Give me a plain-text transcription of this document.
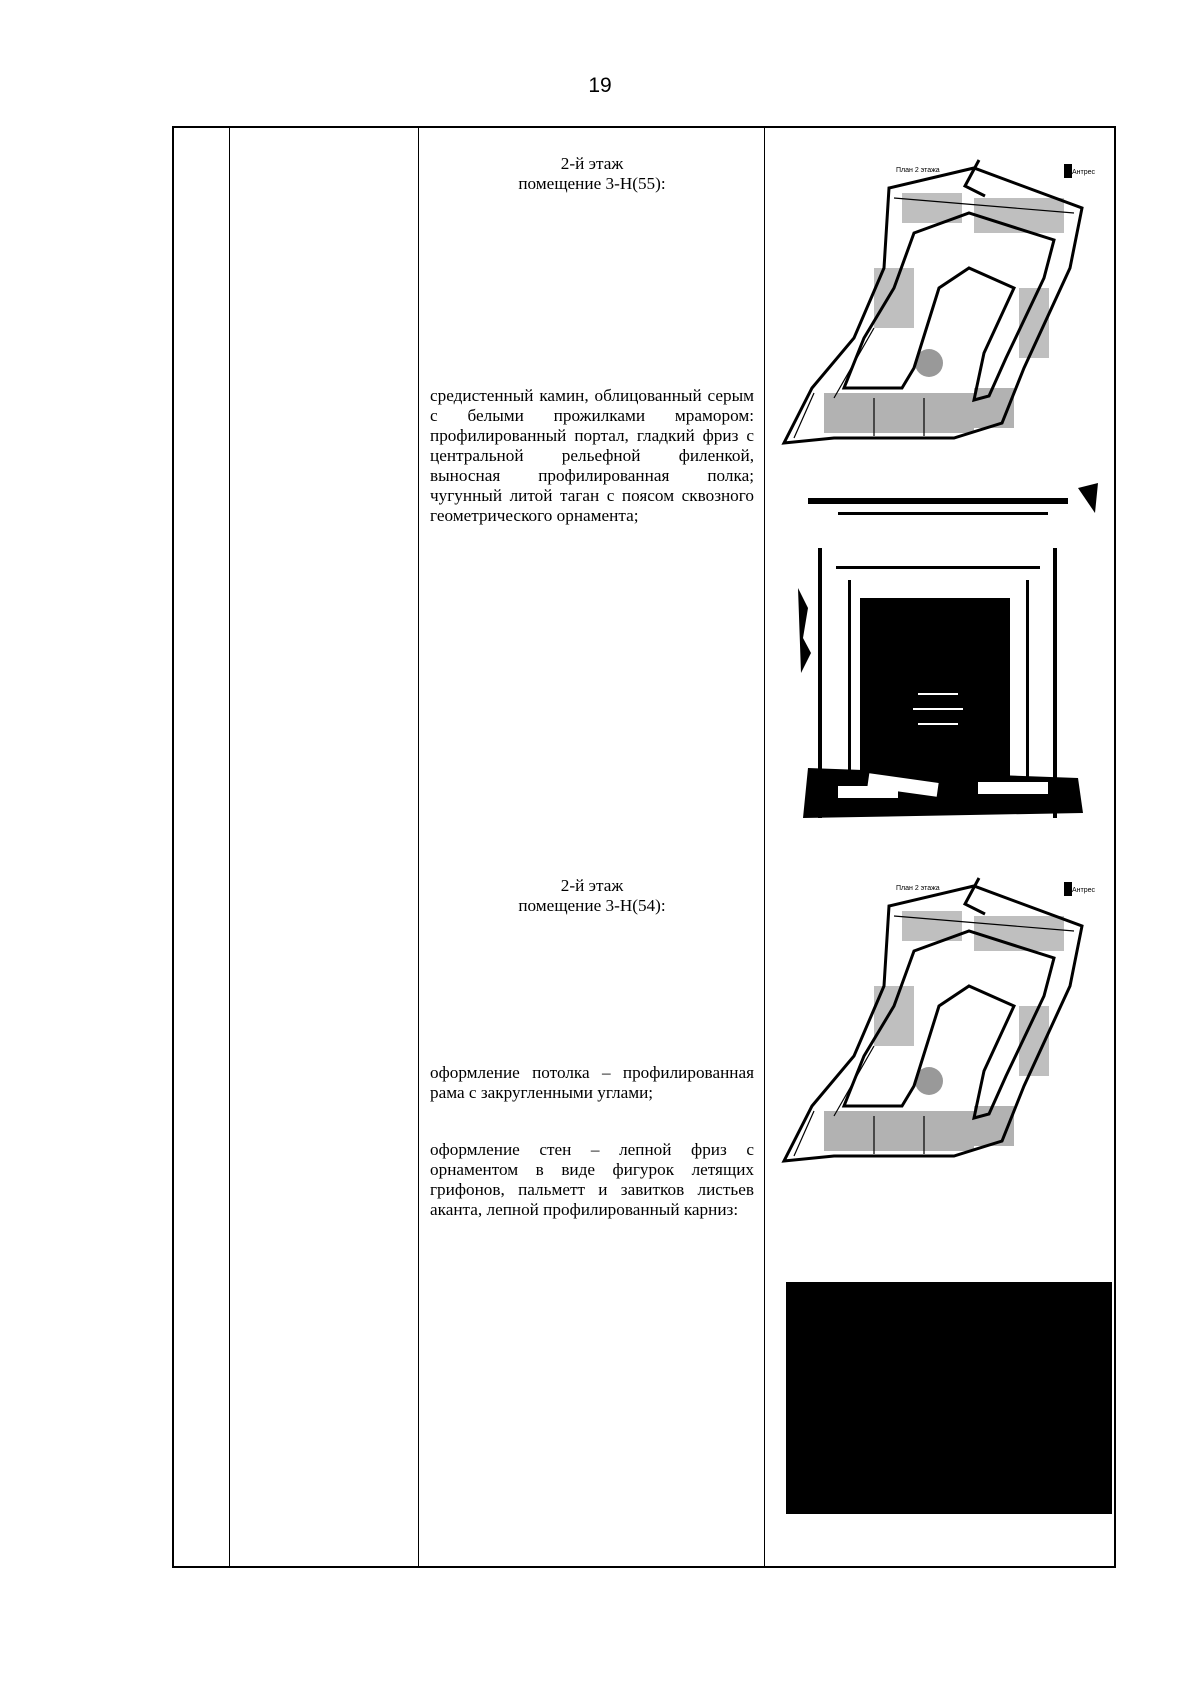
19
2-й этаж
помещение 3-Н(55):
средистенный камин, облицованный серым с белыми прожилками мрамором: профилированный портал, гладкий фриз с центральной рельефной филенкой, выносная профилированная полка; чугунный литой таган с поясом сквозного геометрического орнамента;
План 2 этажа	Антрес
2-й этаж
помещение 3-Н(54):
оформление потолка – профилированная рама с закругленными углами;
оформление стен – лепной фриз с орнаментом в виде фигурок летящих грифонов, пальметт и завитков листьев аканта, лепной профилированный карниз:
План 2 этажа	Антрес
